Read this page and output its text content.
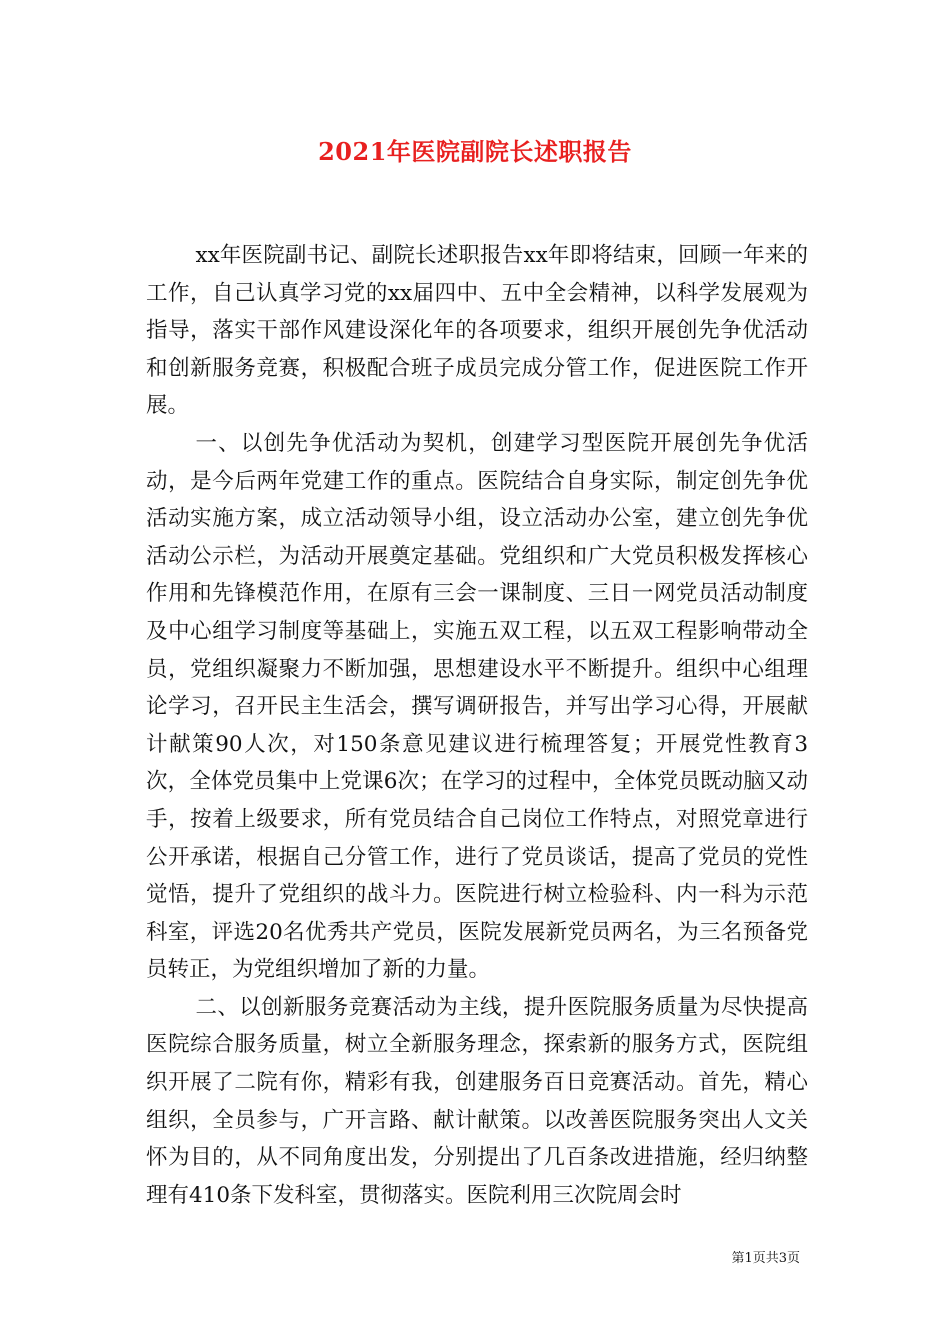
2021年医院副院长述职报告

xx年医院副书记、副院长述职报告xx年即将结束，回顾一年来的工作，自己认真学习党的xx届四中、五中全会精神，以科学发展观为指导，落实干部作风建设深化年的各项要求，组织开展创先争优活动和创新服务竞赛，积极配合班子成员完成分管工作，促进医院工作开展。

一、以创先争优活动为契机，创建学习型医院开展创先争优活动，是今后两年党建工作的重点。医院结合自身实际，制定创先争优活动实施方案，成立活动领导小组，设立活动办公室，建立创先争优活动公示栏，为活动开展奠定基础。党组织和广大党员积极发挥核心作用和先锋模范作用，在原有三会一课制度、三日一网党员活动制度及中心组学习制度等基础上，实施五双工程，以五双工程影响带动全员，党组织凝聚力不断加强，思想建设水平不断提升。组织中心组理论学习，召开民主生活会，撰写调研报告，并写出学习心得，开展献计献策90人次，对150条意见建议进行梳理答复；开展党性教育3次，全体党员集中上党课6次；在学习的过程中，全体党员既动脑又动手，按着上级要求，所有党员结合自己岗位工作特点，对照党章进行公开承诺，根据自己分管工作，进行了党员谈话，提高了党员的党性觉悟，提升了党组织的战斗力。医院进行树立检验科、内一科为示范科室，评选20名优秀共产党员，医院发展新党员两名，为三名预备党员转正，为党组织增加了新的力量。

二、以创新服务竞赛活动为主线，提升医院服务质量为尽快提高医院综合服务质量，树立全新服务理念，探索新的服务方式，医院组织开展了二院有你，精彩有我，创建服务百日竞赛活动。首先，精心组织，全员参与，广开言路、献计献策。以改善医院服务突出人文关怀为目的，从不同角度出发，分别提出了几百条改进措施，经归纳整理有410条下发科室，贯彻落实。医院利用三次院周会时

第1页共3页
